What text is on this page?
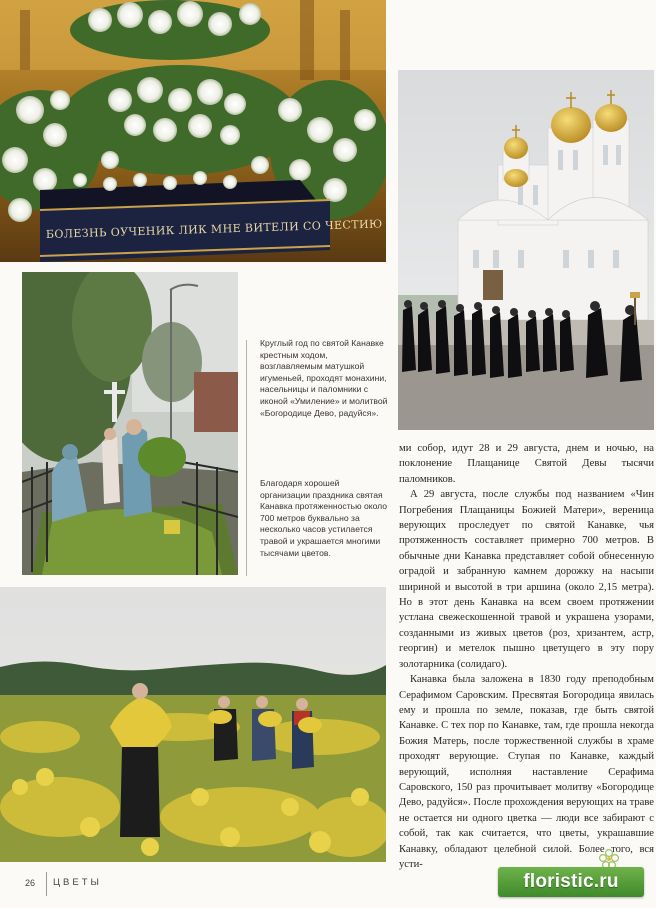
БОЛЕЗНЬ ОУЧЕНИК ЛИК МНЕ ВИТЕЛИ СО ЧЕСТИЮ

Круглый год по святой Канавке крестным ходом, возглавляемым матушкой игуменьей, проходят монахини, насельницы и паломники с иконой «Умиление» и молитвой «Богородице Дево, радуйся».

Благодаря хорошей организации праздника святая Канавка протяженностью около 700 метров буквально за несколько часов устилается травой и украшается многими тысячами цветов.

ми собор, идут 28 и 29 августа, днем и ночью, на поклонение Плащанице Святой Девы тысячи паломников.

А 29 августа, после службы под названием «Чин Погребения Плащаницы Божией Матери», вереница верующих проследует по святой Канавке, чья протяженность составляет примерно 700 метров. В обычные дни Канавка представляет собой обнесенную оградой и забранную камнем дорожку на насыпи шириной и высотой в три аршина (около 2,15 метра). Но в этот день Канавка на всем своем протяжении устлана свежескошенной травой и украшена узорами, созданными из живых цветов (роз, хризантем, астр, георгин) и метелок пышно цветущего в эту пору золотарника (солидаго).

Канавка была заложена в 1830 году преподобным Серафимом Саровским. Пресвятая Богородица явилась ему и прошла по земле, показав, где быть святой Канавке. С тех пор по Канавке, там, где прошла некогда Божия Матерь, после торжественной службы в храме проходят верующие. Ступая по Канавке, каждый верующий, исполняя наставление Серафима Саровского, 150 раз прочитывает молитву «Богородице Дево, радуйся». После прохождения верующих на траве не остается ни одного цветка — люди все забирают с собой, так как считается, что цветы, украшавшие Канавку, обладают целебной силой. Более того, вся усти-

26 ЦВЕТЫ	floristic.ru
